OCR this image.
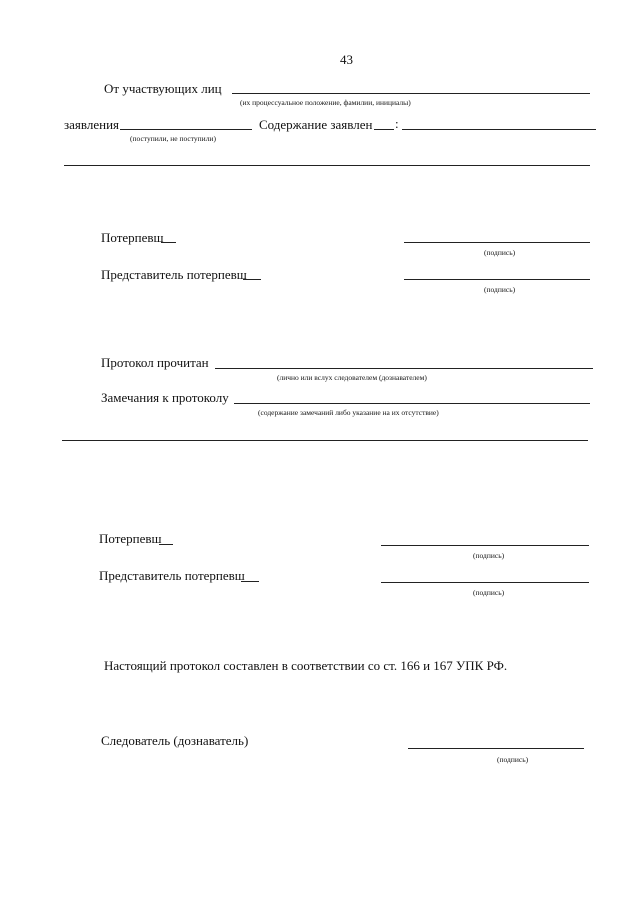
43
От участвующих лиц
(их процессуальное положение, фамилии, инициалы)
заявления
(поступили, не поступили)
Содержание заявлен :
Потерпевш
(подпись)
Представитель потерпевш
(подпись)
Протокол прочитан
(лично или вслух следователем (дознавателем)
Замечания к протоколу
(содержание замечаний либо указание на их отсутствие)
Потерпевш
(подпись)
Представитель потерпевш
(подпись)
Настоящий протокол составлен в соответствии со ст. 166 и 167 УПК РФ.
Следователь (дознаватель)
(подпись)
